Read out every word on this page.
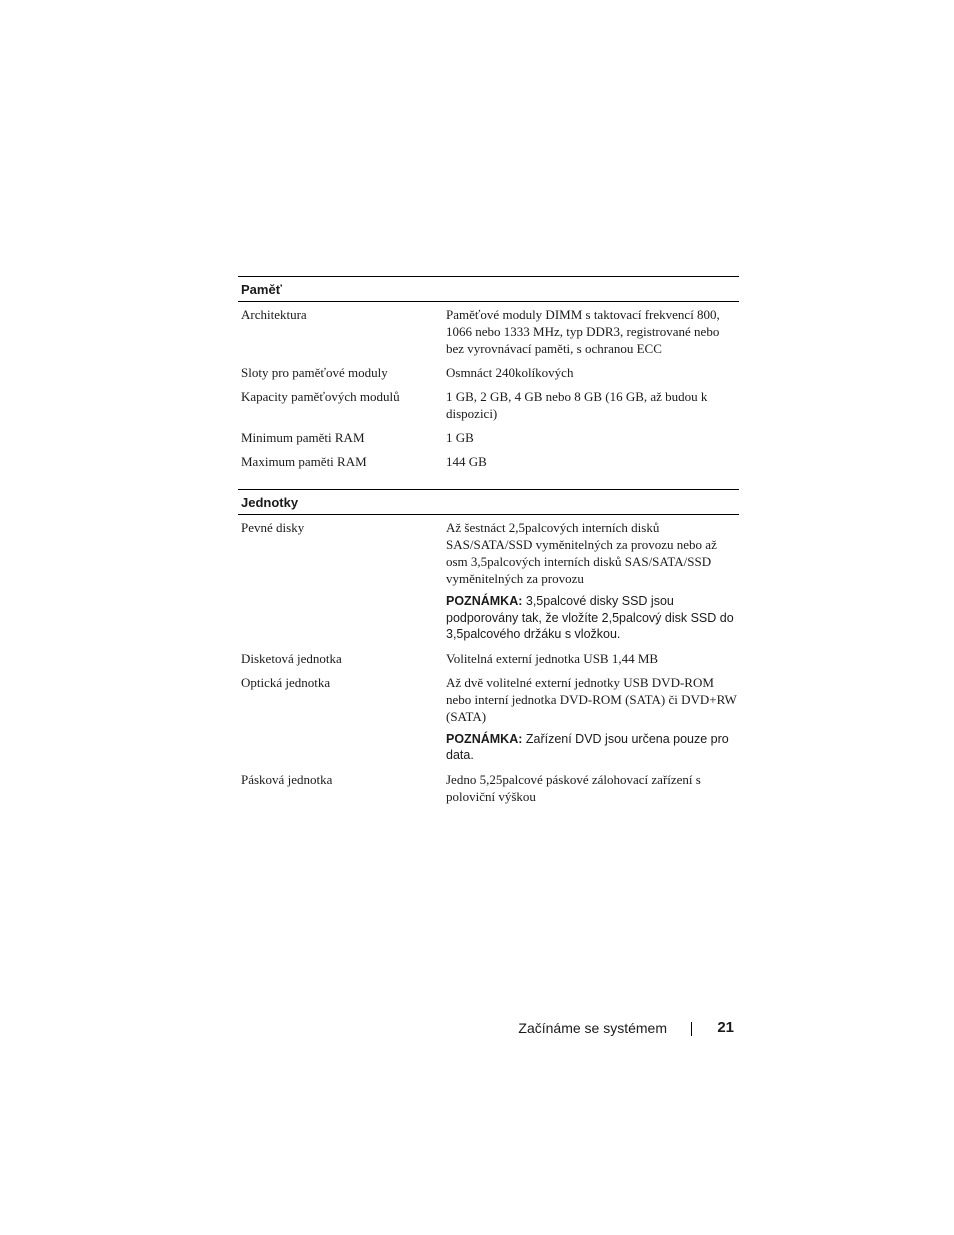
Paměť
Architektura	Paměťové moduly DIMM s taktovací frekvencí 800, 1066 nebo 1333 MHz, typ DDR3, registrované nebo bez vyrovnávací paměti, s ochranou ECC
Sloty pro paměťové moduly	Osmnáct 240kolíkových
Kapacity paměťových modulů	1 GB, 2 GB, 4 GB nebo 8 GB (16 GB, až budou k dispozici)
Minimum paměti RAM	1 GB
Maximum paměti RAM	144 GB
Jednotky
Pevné disky	Až šestnáct 2,5palcových interních disků SAS/SATA/SSD vyměnitelných za provozu nebo až osm 3,5palcových interních disků SAS/SATA/SSD vyměnitelných za provozu
POZNÁMKA: 3,5palcové disky SSD jsou podporovány tak, že vložíte 2,5palcový disk SSD do 3,5palcového držáku s vložkou.
Disketová jednotka	Volitelná externí jednotka USB 1,44 MB
Optická jednotka	Až dvě volitelné externí jednotky USB DVD-ROM nebo interní jednotka DVD-ROM (SATA) či DVD+RW (SATA)
POZNÁMKA: Zařízení DVD jsou určena pouze pro data.
Pásková jednotka	Jedno 5,25palcové páskové zálohovací zařízení s poloviční výškou
Začínáme se systémem	21
